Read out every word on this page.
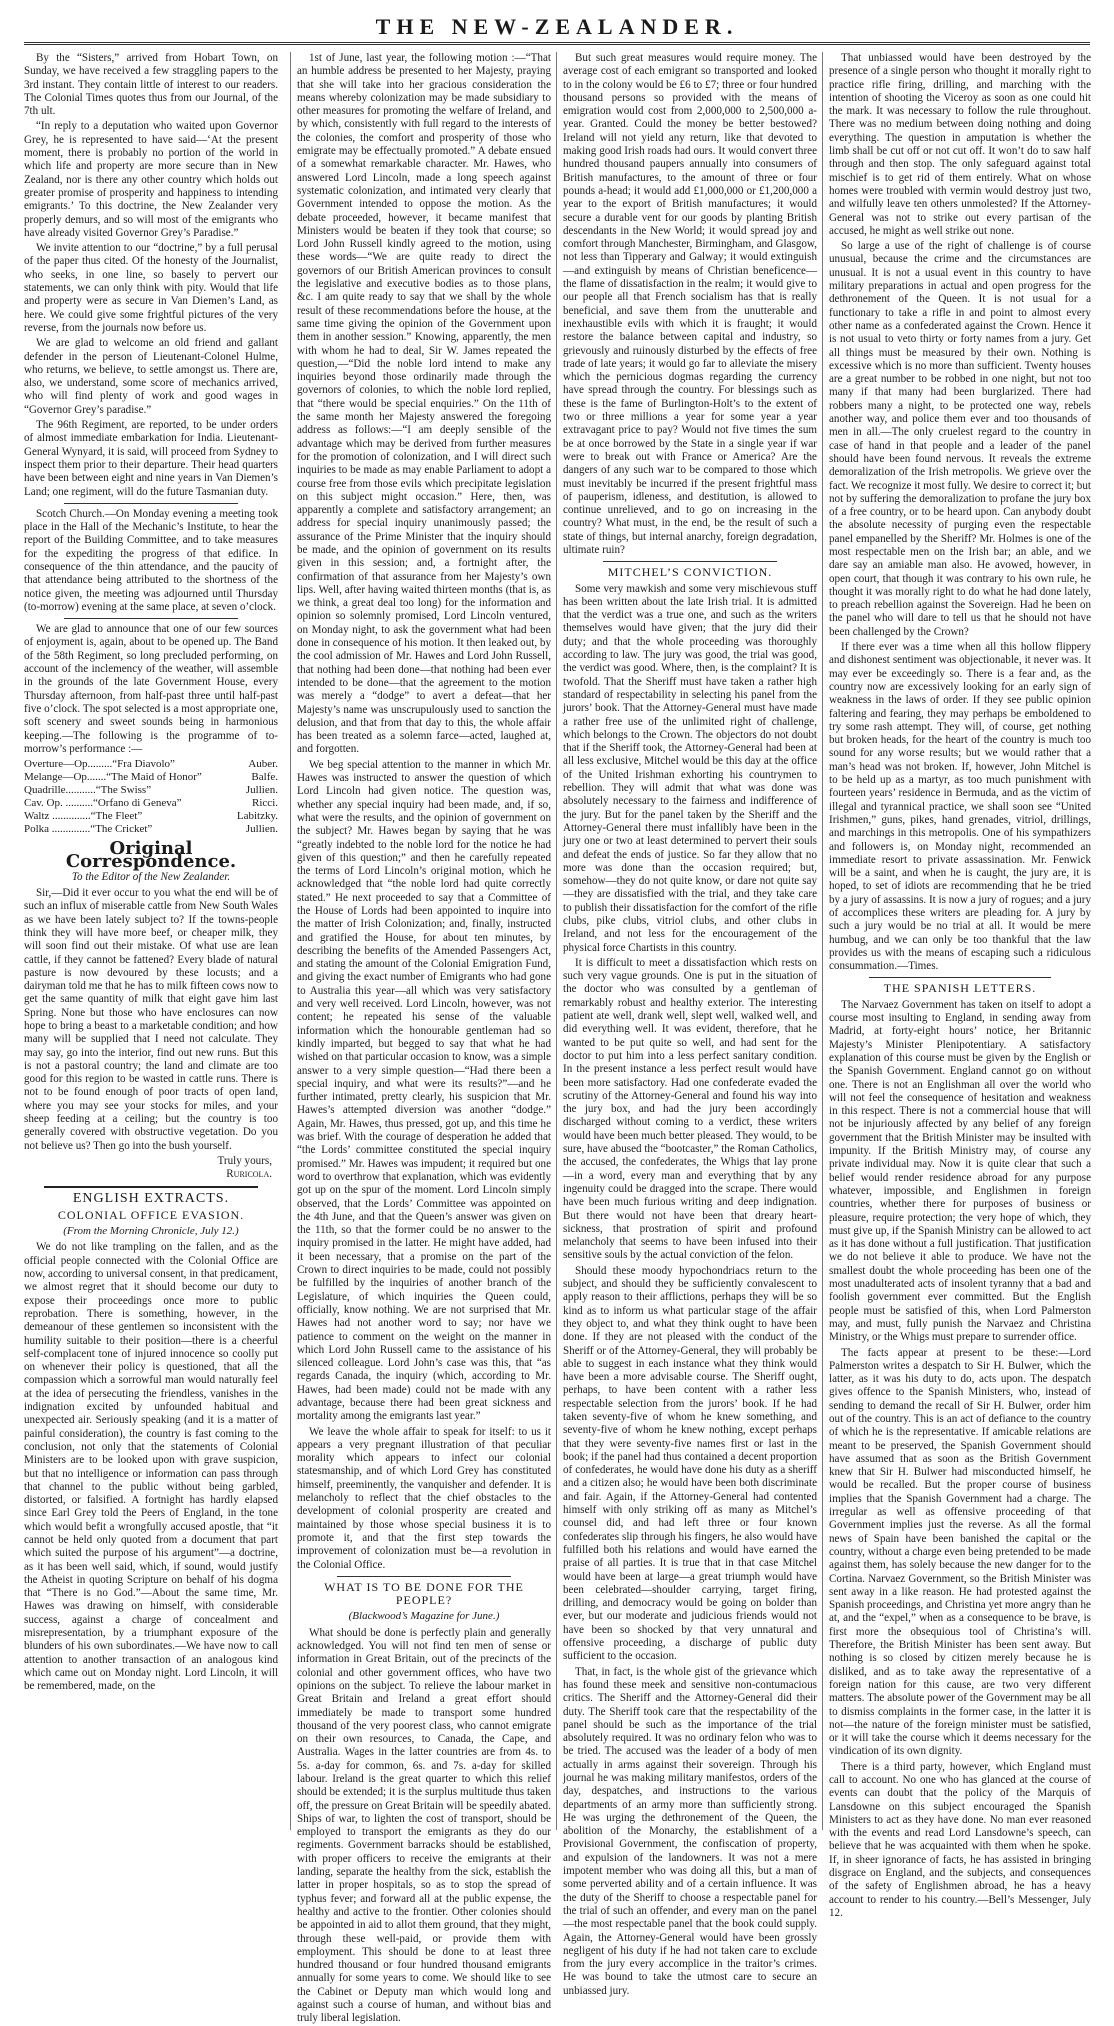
THE NEW-ZEALANDER.

By the “Sisters,” arrived from Hobart Town, on Sunday, we have received a few straggling papers to the 3rd instant. They contain little of interest to our readers. The Colonial Times quotes thus from our Journal, of the 7th ult.

“In reply to a deputation who waited upon Governor Grey, he is represented to have said—‘At the present moment, there is probably no portion of the world in which life and property are more secure than in New Zealand, nor is there any other country which holds out greater promise of prosperity and happiness to intending emigrants.’ To this doctrine, the New Zealander very properly demurs, and so will most of the emigrants who have already visited Governor Grey’s Paradise.”

We invite attention to our “doctrine,” by a full perusal of the paper thus cited. Of the honesty of the Journalist, who seeks, in one line, so basely to pervert our statements, we can only think with pity. Would that life and property were as secure in Van Diemen’s Land, as here. We could give some frightful pictures of the very reverse, from the journals now before us.

We are glad to welcome an old friend and gallant defender in the person of Lieutenant-Colonel Hulme, who returns, we believe, to settle amongst us. There are, also, we understand, some score of mechanics arrived, who will find plenty of work and good wages in “Governor Grey’s paradise.”

The 96th Regiment, are reported, to be under orders of almost immediate embarkation for India. Lieutenant-General Wynyard, it is said, will proceed from Sydney to inspect them prior to their departure. Their head quarters have been between eight and nine years in Van Diemen’s Land; one regiment, will do the future Tasmanian duty.

Scotch Church.—On Monday evening a meeting took place in the Hall of the Mechanic’s Institute, to hear the report of the Building Committee, and to take measures for the expediting the progress of that edifice. In consequence of the thin attendance, and the paucity of that attendance being attributed to the shortness of the notice given, the meeting was adjourned until Thursday (to-morrow) evening at the same place, at seven o’clock.

We are glad to announce that one of our few sources of enjoyment is, again, about to be opened up. The Band of the 58th Regiment, so long precluded performing, on account of the inclemency of the weather, will assemble in the grounds of the late Government House, every Thursday afternoon, from half-past three until half-past five o’clock. The spot selected is a most appropriate one, soft scenery and sweet sounds being in harmonious keeping.—The following is the programme of to-morrow’s performance :—

Overture—Op.........“Fra Diavolo”	Auber.
Melange—Op.......“The Maid of Honor”	Balfe.
Quadrille...........“The Swiss”	Jullien.
Cav. Op. ..........“Orfano di Geneva”	Ricci.
Waltz ..............“The Fleet”	Labitzky.
Polka ..............“The Cricket”	Jullien.
Original Correspondence.
To the Editor of the New Zealander.

Sir,—Did it ever occur to you what the end will be of such an influx of miserable cattle from New South Wales as we have been lately subject to? If the towns-people think they will have more beef, or cheaper milk, they will soon find out their mistake. Of what use are lean cattle, if they cannot be fattened? Every blade of natural pasture is now devoured by these locusts; and a dairyman told me that he has to milk fifteen cows now to get the same quantity of milk that eight gave him last Spring. None but those who have enclosures can now hope to bring a beast to a marketable condition; and how many will be supplied that I need not calculate. They may say, go into the interior, find out new runs. But this is not a pastoral country; the land and climate are too good for this region to be wasted in cattle runs. There is not to be found enough of poor tracts of open land, where you may see your stocks for miles, and your sheep feeding at a ceiling; but the country is too generally covered with obstructive vegetation. Do you not believe us? Then go into the bush yourself.

Truly yours,
Ruricola.
ENGLISH EXTRACTS.
COLONIAL OFFICE EVASION.
(From the Morning Chronicle, July 12.)

We do not like trampling on the fallen, and as the official people connected with the Colonial Office are now, according to universal consent, in that predicament, we almost regret that it should become our duty to expose their proceedings once more to public reprobation. There is something, however, in the demeanour of these gentlemen so inconsistent with the humility suitable to their position—there is a cheerful self-complacent tone of injured innocence so coolly put on whenever their policy is questioned, that all the compassion which a sorrowful man would naturally feel at the idea of persecuting the friendless, vanishes in the indignation excited by unfounded habitual and unexpected air. Seriously speaking (and it is a matter of painful consideration), the country is fast coming to the conclusion, not only that the statements of Colonial Ministers are to be looked upon with grave suspicion, but that no intelligence or information can pass through that channel to the public without being garbled, distorted, or falsified. A fortnight has hardly elapsed since Earl Grey told the Peers of England, in the tone which would befit a wrongfully accused apostle, that “it cannot be held only quoted from a document that part which suited the purpose of his argument”—a doctrine, as it has been well said, which, if sound, would justify the Atheist in quoting Scripture on behalf of his dogma that “There is no God.”—About the same time, Mr. Hawes was drawing on himself, with considerable success, against a charge of concealment and misrepresentation, by a triumphant exposure of the blunders of his own subordinates.—We have now to call attention to another transaction of an analogous kind which came out on Monday night. Lord Lincoln, it will be remembered, made, on the

1st of June, last year, the following motion :—“That an humble address be presented to her Majesty, praying that she will take into her gracious consideration the means whereby colonization may be made subsidiary to other measures for promoting the welfare of Ireland, and by which, consistently with full regard to the interests of the colonies, the comfort and prosperity of those who emigrate may be effectually promoted.” A debate ensued of a somewhat remarkable character. Mr. Hawes, who answered Lord Lincoln, made a long speech against systematic colonization, and intimated very clearly that Government intended to oppose the motion. As the debate proceeded, however, it became manifest that Ministers would be beaten if they took that course; so Lord John Russell kindly agreed to the motion, using these words—“We are quite ready to direct the governors of our British American provinces to consult the legislative and executive bodies as to those plans, &c. I am quite ready to say that we shall by the whole result of these recommendations before the house, at the same time giving the opinion of the Government upon them in another session.” Knowing, apparently, the men with whom he had to deal, Sir W. James repeated the question,—“Did the noble lord intend to make any inquiries beyond those ordinarily made through the governors of colonies, to which the noble lord replied, that “there would be special enquiries.” On the 11th of the same month her Majesty answered the foregoing address as follows:—“I am deeply sensible of the advantage which may be derived from further measures for the promotion of colonization, and I will direct such inquiries to be made as may enable Parliament to adopt a course free from those evils which precipitate legislation on this subject might occasion.” Here, then, was apparently a complete and satisfactory arrangement; an address for special inquiry unanimously passed; the assurance of the Prime Minister that the inquiry should be made, and the opinion of government on its results given in this session; and, a fortnight after, the confirmation of that assurance from her Majesty’s own lips. Well, after having waited thirteen months (that is, as we think, a great deal too long) for the information and opinion so solemnly promised, Lord Lincoln ventured, on Monday night, to ask the government what had been done in consequence of his motion. It then leaked out, by the cool admission of Mr. Hawes and Lord John Russell, that nothing had been done—that nothing had been ever intended to be done—that the agreement to the motion was merely a “dodge” to avert a defeat—that her Majesty’s name was unscrupulously used to sanction the delusion, and that from that day to this, the whole affair has been treated as a solemn farce—acted, laughed at, and forgotten.

We beg special attention to the manner in which Mr. Hawes was instructed to answer the question of which Lord Lincoln had given notice. The question was, whether any special inquiry had been made, and, if so, what were the results, and the opinion of government on the subject? Mr. Hawes began by saying that he was “greatly indebted to the noble lord for the notice he had given of this question;” and then he carefully repeated the terms of Lord Lincoln’s original motion, which he acknowledged that “the noble lord had quite correctly stated.” He next proceeded to say that a Committee of the House of Lords had been appointed to inquire into the matter of Irish Colonization; and, finally, instructed and gratified the House, for about ten minutes, by describing the benefits of the Amended Passengers Act, and stating the amount of the Colonial Emigration Fund, and giving the exact number of Emigrants who had gone to Australia this year—all which was very satisfactory and very well received. Lord Lincoln, however, was not content; he repeated his sense of the valuable information which the honourable gentleman had so kindly imparted, but begged to say that what he had wished on that particular occasion to know, was a simple answer to a very simple question—“Had there been a special inquiry, and what were its results?”—and he further intimated, pretty clearly, his suspicion that Mr. Hawes’s attempted diversion was another “dodge.” Again, Mr. Hawes, thus pressed, got up, and this time he was brief. With the courage of desperation he added that “the Lords’ committee constituted the special inquiry promised.” Mr. Hawes was impudent; it required but one word to overthrow that explanation, which was evidently got up on the spur of the moment. Lord Lincoln simply observed, that the Lords’ Committee was appointed on the 4th June, and that the Queen’s answer was given on the 11th, so that the former could be no answer to the inquiry promised in the latter. He might have added, had it been necessary, that a promise on the part of the Crown to direct inquiries to be made, could not possibly be fulfilled by the inquiries of another branch of the Legislature, of which inquiries the Queen could, officially, know nothing. We are not surprised that Mr. Hawes had not another word to say; nor have we patience to comment on the weight on the manner in which Lord John Russell came to the assistance of his silenced colleague. Lord John’s case was this, that “as regards Canada, the inquiry (which, according to Mr. Hawes, had been made) could not be made with any advantage, because there had been great sickness and mortality among the emigrants last year.”

We leave the whole affair to speak for itself: to us it appears a very pregnant illustration of that peculiar morality which appears to infect our colonial statesmanship, and of which Lord Grey has constituted himself, preeminently, the vanquisher and defender. It is melancholy to reflect that the chief obstacles to the development of colonial prosperity are created and maintained by those whose special business it is to promote it, and that the first step towards the improvement of colonization must be—a revolution in the Colonial Office.

WHAT IS TO BE DONE FOR THE PEOPLE?
(Blackwood’s Magazine for June.)

What should be done is perfectly plain and generally acknowledged. You will not find ten men of sense or information in Great Britain, out of the precincts of the colonial and other government offices, who have two opinions on the subject. To relieve the labour market in Great Britain and Ireland a great effort should immediately be made to transport some hundred thousand of the very poorest class, who cannot emigrate on their own resources, to Canada, the Cape, and Australia. Wages in the latter countries are from 4s. to 5s. a-day for common, 6s. and 7s. a-day for skilled labour. Ireland is the great quarter to which this relief should be extended; it is the surplus multitude thus taken off, the pressure on Great Britain will be speedily abated. Ships of war, to lighten the cost of transport, should be employed to transport the emigrants as they do our regiments. Government barracks should be established, with proper officers to receive the emigrants at their landing, separate the healthy from the sick, establish the latter in proper hospitals, so as to stop the spread of typhus fever; and forward all at the public expense, the healthy and active to the frontier. Other colonies should be appointed in aid to allot them ground, that they might, through these well-paid, or provide them with employment. This should be done to at least three hundred thousand or four hundred thousand emigrants annually for some years to come. We should like to see the Cabinet or Deputy man which would long and against such a course of human, and without bias and truly liberal legislation.

But such great measures would require money. The average cost of each emigrant so transported and looked to in the colony would be £6 to £7; three or four hundred thousand persons so provided with the means of emigration would cost from 2,000,000 to 2,500,000 a-year. Granted. Could the money be better bestowed? Ireland will not yield any return, like that devoted to making good Irish roads had ours. It would convert three hundred thousand paupers annually into consumers of British manufactures, to the amount of three or four pounds a-head; it would add £1,000,000 or £1,200,000 a year to the export of British manufactures; it would secure a durable vent for our goods by planting British descendants in the New World; it would spread joy and comfort through Manchester, Birmingham, and Glasgow, not less than Tipperary and Galway; it would extinguish—and extinguish by means of Christian beneficence—the flame of dissatisfaction in the realm; it would give to our people all that French socialism has that is really beneficial, and save them from the unutterable and inexhaustible evils with which it is fraught; it would restore the balance between capital and industry, so grievously and ruinously disturbed by the effects of free trade of late years; it would go far to alleviate the misery which the pernicious dogmas regarding the currency have spread through the country. For blessings such as these is the fame of Burlington-Holt’s to the extent of two or three millions a year for some year a year extravagant price to pay? Would not five times the sum be at once borrowed by the State in a single year if war were to break out with France or America? Are the dangers of any such war to be compared to those which must inevitably be incurred if the present frightful mass of pauperism, idleness, and destitution, is allowed to continue unrelieved, and to go on increasing in the country? What must, in the end, be the result of such a state of things, but internal anarchy, foreign degradation, ultimate ruin?

MITCHEL’S CONVICTION.

Some very mawkish and some very mischievous stuff has been written about the late Irish trial. It is admitted that the verdict was a true one, and such as the writers themselves would have given; that the jury did their duty; and that the whole proceeding was thoroughly according to law. The jury was good, the trial was good, the verdict was good. Where, then, is the complaint? It is twofold. That the Sheriff must have taken a rather high standard of respectability in selecting his panel from the jurors’ book. That the Attorney-General must have made a rather free use of the unlimited right of challenge, which belongs to the Crown. The objectors do not doubt that if the Sheriff took, the Attorney-General had been at all less exclusive, Mitchel would be this day at the office of the United Irishman exhorting his countrymen to rebellion. They will admit that what was done was absolutely necessary to the fairness and indifference of the jury. But for the panel taken by the Sheriff and the Attorney-General there must infallibly have been in the jury one or two at least determined to pervert their souls and defeat the ends of justice. So far they allow that no more was done than the occasion required; but, somehow—they do not quite know, or dare not quite say—they are dissatisfied with the trial, and they take care to publish their dissatisfaction for the comfort of the rifle clubs, pike clubs, vitriol clubs, and other clubs in Ireland, and not less for the encouragement of the physical force Chartists in this country.

It is difficult to meet a dissatisfaction which rests on such very vague grounds. One is put in the situation of the doctor who was consulted by a gentleman of remarkably robust and healthy exterior. The interesting patient ate well, drank well, slept well, walked well, and did everything well. It was evident, therefore, that he wanted to be put quite so well, and had sent for the doctor to put him into a less perfect sanitary condition. In the present instance a less perfect result would have been more satisfactory. Had one confederate evaded the scrutiny of the Attorney-General and found his way into the jury box, and had the jury been accordingly discharged without coming to a verdict, these writers would have been much better pleased. They would, to be sure, have abused the “bootcaster,” the Roman Catholics, the accused, the confederates, the Whigs that lay prone—in a word, every man and everything that by any ingenuity could be dragged into the scrape. There would have been much furious writing and deep indignation. But there would not have been that dreary heart-sickness, that prostration of spirit and profound melancholy that seems to have been infused into their sensitive souls by the actual conviction of the felon.

Should these moody hypochondriacs return to the subject, and should they be sufficiently convalescent to apply reason to their afflictions, perhaps they will be so kind as to inform us what particular stage of the affair they object to, and what they think ought to have been done. If they are not pleased with the conduct of the Sheriff or of the Attorney-General, they will probably be able to suggest in each instance what they think would have been a more advisable course. The Sheriff ought, perhaps, to have been content with a rather less respectable selection from the jurors’ book. If he had taken seventy-five of whom he knew something, and seventy-five of whom he knew nothing, except perhaps that they were seventy-five names first or last in the book; if the panel had thus contained a decent proportion of confederates, he would have done his duty as a sheriff and a citizen also; he would have been both discriminate and fair. Again, if the Attorney-General had contented himself with only striking off as many as Mitchel’s counsel did, and had left three or four known confederates slip through his fingers, he also would have fulfilled both his relations and would have earned the praise of all parties. It is true that in that case Mitchel would have been at large—a great triumph would have been celebrated—shoulder carrying, target firing, drilling, and democracy would be going on bolder than ever, but our moderate and judicious friends would not have been so shocked by that very unnatural and offensive proceeding, a discharge of public duty sufficient to the occasion.

That, in fact, is the whole gist of the grievance which has found these meek and sensitive non-contumacious critics. The Sheriff and the Attorney-General did their duty. The Sheriff took care that the respectability of the panel should be such as the importance of the trial absolutely required. It was no ordinary felon who was to be tried. The accused was the leader of a body of men actually in arms against their sovereign. Through his journal he was making military manifestos, orders of the day, despatches, and instructions to the various departments of an army more than sufficiently strong. He was urging the dethronement of the Queen, the abolition of the Monarchy, the establishment of a Provisional Government, the confiscation of property, and expulsion of the landowners. It was not a mere impotent member who was doing all this, but a man of some perverted ability and of a certain influence. It was the duty of the Sheriff to choose a respectable panel for the trial of such an offender, and every man on the panel—the most respectable panel that the book could supply. Again, the Attorney-General would have been grossly negligent of his duty if he had not taken care to exclude from the jury every accomplice in the traitor’s crimes. He was bound to take the utmost care to secure an unbiassed jury.

That unbiassed would have been destroyed by the presence of a single person who thought it morally right to practice rifle firing, drilling, and marching with the intention of shooting the Viceroy as soon as one could hit the mark. It was necessary to follow the rule throughout. There was no medium between doing nothing and doing everything. The question in amputation is whether the limb shall be cut off or not cut off. It won’t do to saw half through and then stop. The only safeguard against total mischief is to get rid of them entirely. What on whose homes were troubled with vermin would destroy just two, and wilfully leave ten others unmolested? If the Attorney-General was not to strike out every partisan of the accused, he might as well strike out none.

So large a use of the right of challenge is of course unusual, because the crime and the circumstances are unusual. It is not a usual event in this country to have military preparations in actual and open progress for the dethronement of the Queen. It is not usual for a functionary to take a rifle in and point to almost every other name as a confederated against the Crown. Hence it is not usual to veto thirty or forty names from a jury. Get all things must be measured by their own. Nothing is excessive which is no more than sufficient. Twenty houses are a great number to be robbed in one night, but not too many if that many had been burglarized. There had robbers many a night, to be protected one way, rebels another way, and police them ever and too thousands of men in all.—The only cruelest regard to the country in case of hand in that people and a leader of the panel should have been found nervous. It reveals the extreme demoralization of the Irish metropolis. We grieve over the fact. We recognize it most fully. We desire to correct it; but not by suffering the demoralization to profane the jury box of a free country, or to be heard upon. Can anybody doubt the absolute necessity of purging even the respectable panel empanelled by the Sheriff? Mr. Holmes is one of the most respectable men on the Irish bar; an able, and we dare say an amiable man also. He avowed, however, in open court, that though it was contrary to his own rule, he thought it was morally right to do what he had done lately, to preach rebellion against the Sovereign. Had he been on the panel who will dare to tell us that he should not have been challenged by the Crown?

If there ever was a time when all this hollow flippery and dishonest sentiment was objectionable, it never was. It may ever be exceedingly so. There is a fear and, as the country now are excessively looking for an early sign of weakness in the laws of order. If they see public opinion faltering and fearing, they may perhaps be emboldened to try some rash attempt. They will, of course, get nothing but broken heads, for the heart of the country is much too sound for any worse results; but we would rather that a man’s head was not broken. If, however, John Mitchel is to be held up as a martyr, as too much punishment with fourteen years’ residence in Bermuda, and as the victim of illegal and tyrannical practice, we shall soon see “United Irishmen,” guns, pikes, hand grenades, vitriol, drillings, and marchings in this metropolis. One of his sympathizers and followers is, on Monday night, recommended an immediate resort to private assassination. Mr. Fenwick will be a saint, and when he is caught, the jury are, it is hoped, to set of idiots are recommending that he be tried by a jury of assassins. It is now a jury of rogues; and a jury of accomplices these writers are pleading for. A jury by such a jury would be no trial at all. It would be mere humbug, and we can only be too thankful that the law provides us with the means of escaping such a ridiculous consummation.—Times.

THE SPANISH LETTERS.

The Narvaez Government has taken on itself to adopt a course most insulting to England, in sending away from Madrid, at forty-eight hours’ notice, her Britannic Majesty’s Minister Plenipotentiary. A satisfactory explanation of this course must be given by the English or the Spanish Government. England cannot go on without one. There is not an Englishman all over the world who will not feel the consequence of hesitation and weakness in this respect. There is not a commercial house that will not be injuriously affected by any belief of any foreign government that the British Minister may be insulted with impunity. If the British Ministry may, of course any private individual may. Now it is quite clear that such a belief would render residence abroad for any purpose whatever, impossible, and Englishmen in foreign countries, whether there for purposes of business or pleasure, require protection; the very hope of which, they must give up, if the Spanish Ministry can be allowed to act as it has done without a full justification. That justification we do not believe it able to produce. We have not the smallest doubt the whole proceeding has been one of the most unadulterated acts of insolent tyranny that a bad and foolish government ever committed. But the English people must be satisfied of this, when Lord Palmerston may, and must, fully punish the Narvaez and Christina Ministry, or the Whigs must prepare to surrender office.

The facts appear at present to be these:—Lord Palmerston writes a despatch to Sir H. Bulwer, which the latter, as it was his duty to do, acts upon. The despatch gives offence to the Spanish Ministers, who, instead of sending to demand the recall of Sir H. Bulwer, order him out of the country. This is an act of defiance to the country of which he is the representative. If amicable relations are meant to be preserved, the Spanish Government should have assumed that as soon as the British Government knew that Sir H. Bulwer had misconducted himself, he would be recalled. But the proper course of business implies that the Spanish Government had a charge. The irregular as well as offensive proceeding of that Government implies just the reverse. As all the formal news of Spain have been banished the capital or the country, without a charge even being pretended to be made against them, has solely because the new danger for to the Cortina. Narvaez Government, so the British Minister was sent away in a like reason. He had protested against the Spanish proceedings, and Christina yet more angry than he at, and the “expel,” when as a consequence to be brave, is first more the obsequious tool of Christina’s will. Therefore, the British Minister has been sent away. But nothing is so closed by citizen merely because he is disliked, and as to take away the representative of a foreign nation for this cause, are two very different matters. The absolute power of the Government may be all to dismiss complaints in the former case, in the latter it is not—the nature of the foreign minister must be satisfied, or it will take the course which it deems necessary for the vindication of its own dignity.

There is a third party, however, which England must call to account. No one who has glanced at the course of events can doubt that the policy of the Marquis of Lansdowne on this subject encouraged the Spanish Ministers to act as they have done. No man ever reasoned with the events and read Lord Lansdowne’s speech, can believe that he was acquainted with them when he spoke. If, in sheer ignorance of facts, he has assisted in bringing disgrace on England, and the subjects, and consequences of the safety of Englishmen abroad, he has a heavy account to render to his country.—Bell’s Messenger, July 12.
